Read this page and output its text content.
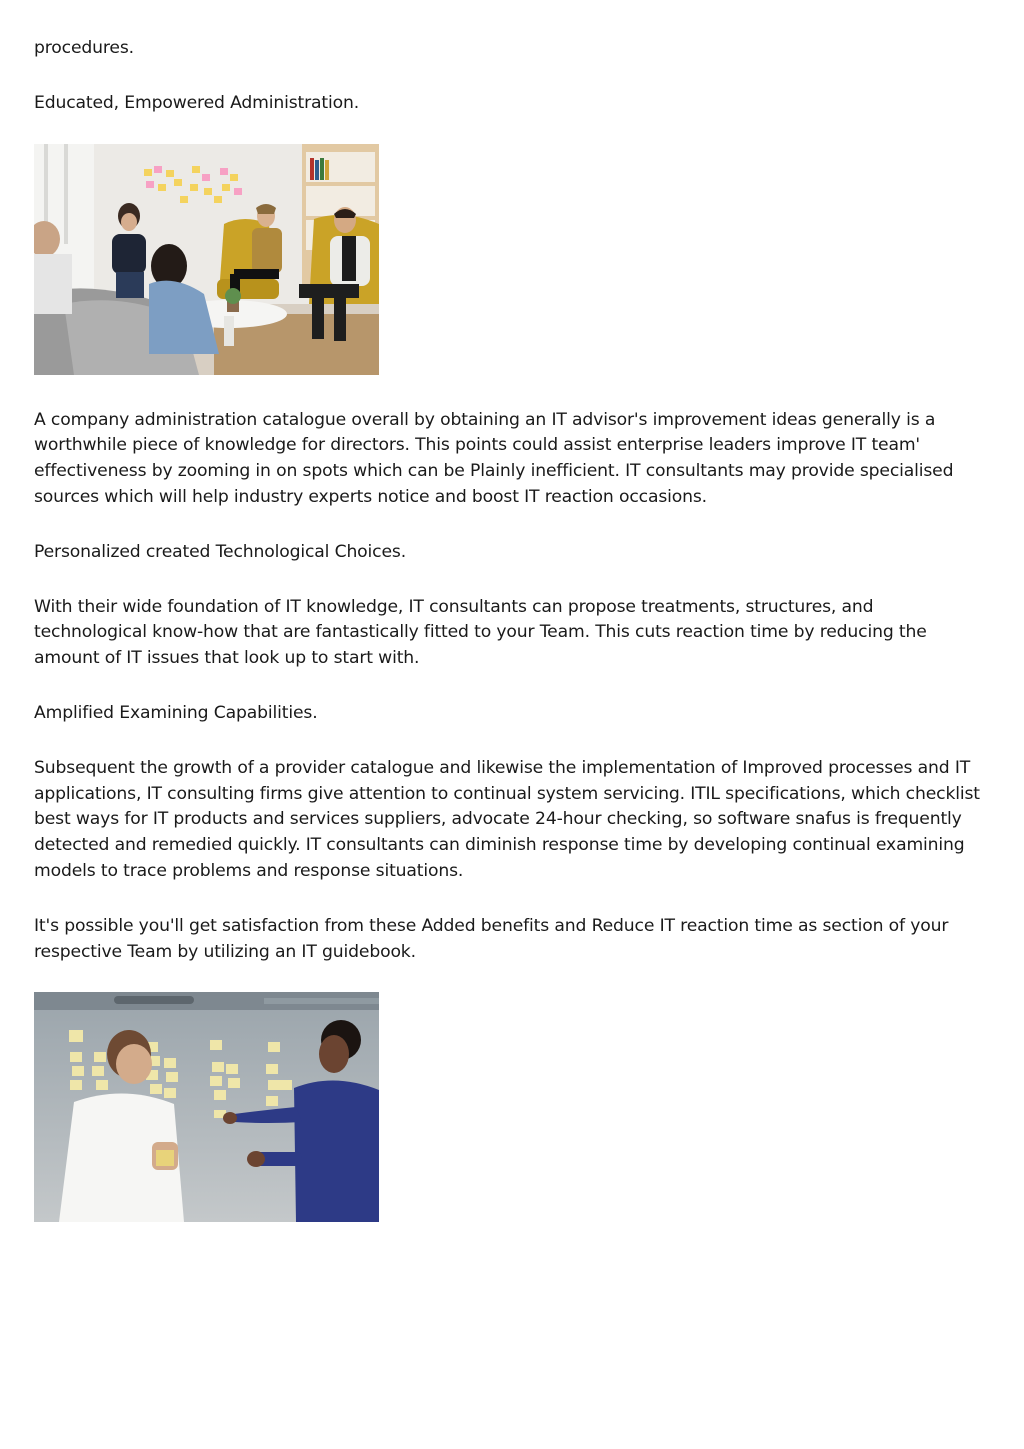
procedures.

Educated, Empowered Administration.

A company administration catalogue overall by obtaining an IT advisor's improvement ideas generally is a worthwhile piece of knowledge for directors. This points could assist enterprise leaders improve IT team' effectiveness by zooming in on spots which can be Plainly inefficient. IT consultants may provide specialised sources which will help industry experts notice and boost IT reaction occasions.

Personalized created Technological Choices.

With their wide foundation of IT knowledge, IT consultants can propose treatments, structures, and technological know-how that are fantastically fitted to your Team. This cuts reaction time by reducing the amount of IT issues that look up to start with.

Amplified Examining Capabilities.

Subsequent the growth of a provider catalogue and likewise the implementation of Improved processes and IT applications, IT consulting firms give attention to continual system servicing. ITIL specifications, which checklist best ways for IT products and services suppliers, advocate 24-hour checking, so software snafus is frequently detected and remedied quickly. IT consultants can diminish response time by developing continual examining models to trace problems and response situations.

It's possible you'll get satisfaction from these Added benefits and Reduce IT reaction time as section of your respective Team by utilizing an IT guidebook.
